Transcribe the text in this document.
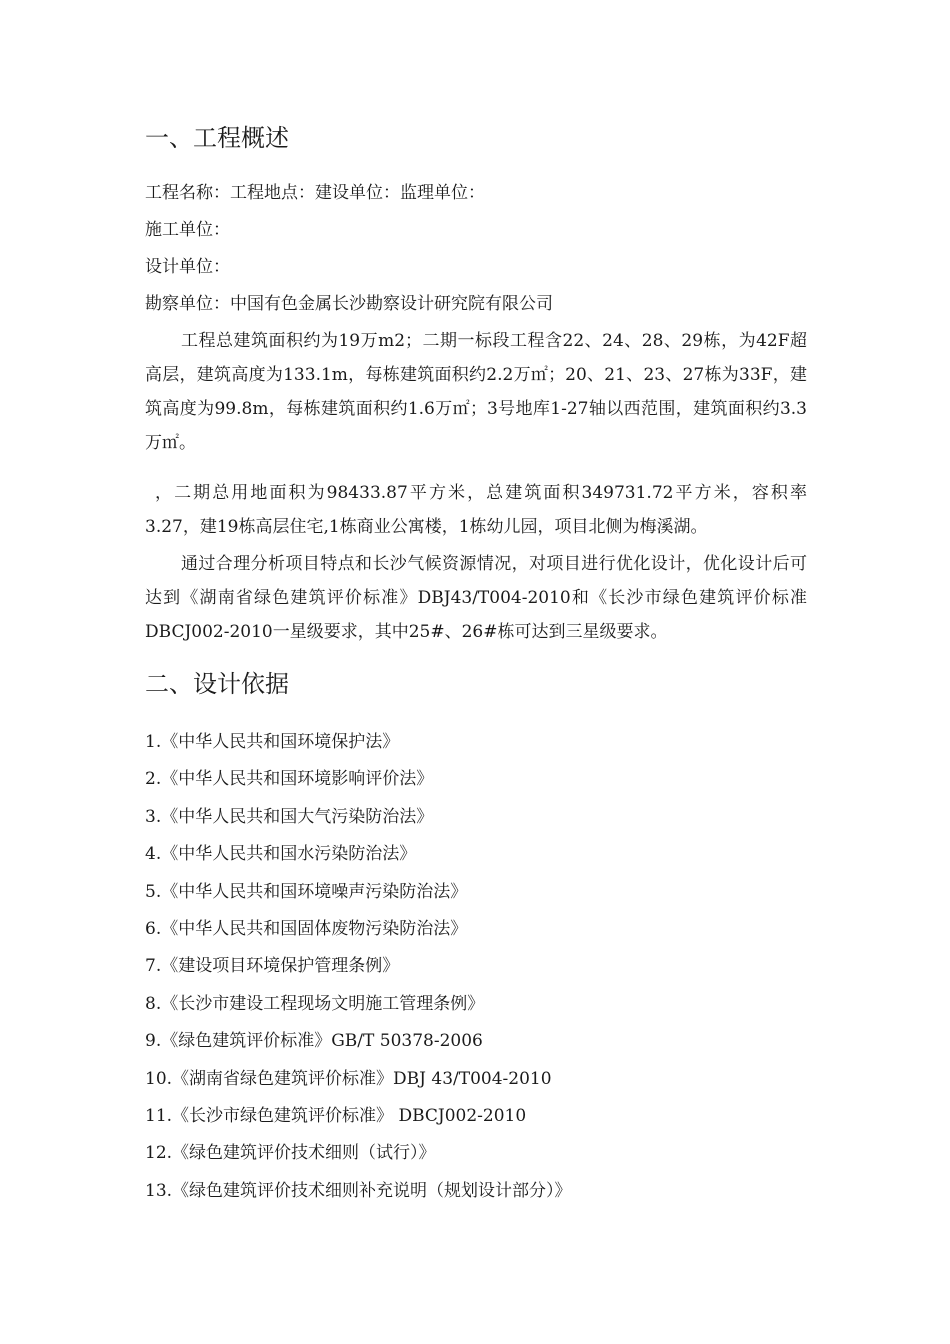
一、工程概述
工程名称：工程地点：建设单位：监理单位：
施工单位：
设计单位：
勘察单位：中国有色金属长沙勘察设计研究院有限公司

工程总建筑面积约为19万m2；二期一标段工程含22、24、28、29栋，为42F超高层，建筑高度为133.1m，每栋建筑面积约2.2万㎡；20、21、23、27栋为33F，建筑高度为99.8m，每栋建筑面积约1.6万㎡；3号地库1-27轴以西范围，建筑面积约3.3万㎡。

，二期总用地面积为98433.87平方米，总建筑面积349731.72平方米，容积率3.27，建19栋高层住宅,1栋商业公寓楼，1栋幼儿园，项目北侧为梅溪湖。

通过合理分析项目特点和长沙气候资源情况，对项目进行优化设计，优化设计后可达到《湖南省绿色建筑评价标准》DBJ43/T004-2010和《长沙市绿色建筑评价标准DBCJ002-2010一星级要求，其中25#、26#栋可达到三星级要求。

二、设计依据
1.《中华人民共和国环境保护法》
2.《中华人民共和国环境影响评价法》
3.《中华人民共和国大气污染防治法》
4.《中华人民共和国水污染防治法》
5.《中华人民共和国环境噪声污染防治法》
6.《中华人民共和国固体废物污染防治法》
7.《建设项目环境保护管理条例》
8.《长沙市建设工程现场文明施工管理条例》
9.《绿色建筑评价标准》GB/T 50378-2006
10.《湖南省绿色建筑评价标准》DBJ 43/T004-2010
11.《长沙市绿色建筑评价标准》 DBCJ002-2010
12.《绿色建筑评价技术细则（试行）》
13.《绿色建筑评价技术细则补充说明（规划设计部分）》
